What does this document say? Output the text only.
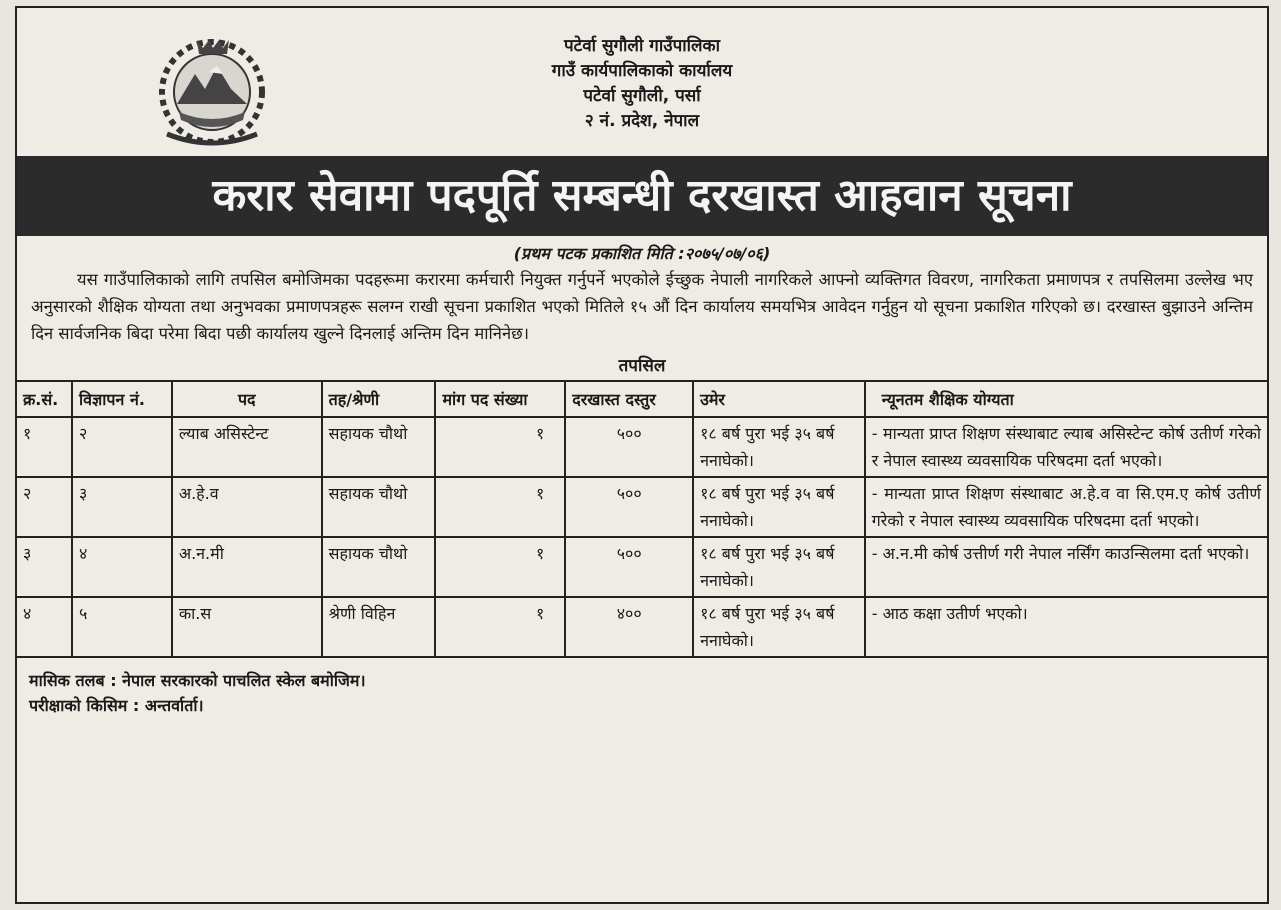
पटेर्वा सुगौली गाउँपालिका
गाउँ कार्यपालिकाको कार्यालय
पटेर्वा सुगौली, पर्सा
२ नं. प्रदेश, नेपाल
करार सेवामा पदपूर्ति सम्बन्धी दरखास्त आहवान सूचना
(प्रथम पटक प्रकाशित मिति :२०७५/०७/०६)
यस गाउँपालिकाको लागि तपसिल बमोजिमका पदहरूमा करारमा कर्मचारी नियुक्त गर्नुपर्ने भएकोले ईच्छुक नेपाली नागरिकले आफ्नो व्यक्तिगत विवरण, नागरिकता प्रमाणपत्र र तपसिलमा उल्लेख भए अनुसारको शैक्षिक योग्यता तथा अनुभवका प्रमाणपत्रहरू सलग्न राखी सूचना प्रकाशित भएको मितिले १५ औं दिन कार्यालय समयभित्र आवेदन गर्नुहुन यो सूचना प्रकाशित गरिएको छ। दरखास्त बुझाउने अन्तिम दिन सार्वजनिक बिदा परेमा बिदा पछी कार्यालय खुल्ने दिनलाई अन्तिम दिन मानिनेछ।
तपसिल
क्र.सं.	विज्ञापन नं.	पद	तह/श्रेणी	मांग पद संख्या	दरखास्त दस्तुर	उमेर	न्यूनतम शैक्षिक योग्यता
१	२	ल्याब असिस्टेन्ट	सहायक चौथो	१	५००	१८ बर्ष पुरा भई ३५ बर्ष ननाघेको।	- मान्यता प्राप्त शिक्षण संस्थाबाट ल्याब असिस्टेन्ट कोर्ष उतीर्ण गरेको र नेपाल स्वास्थ्य व्यवसायिक परिषदमा दर्ता भएको।
२	३	अ.हे.व	सहायक चौथो	१	५००	१८ बर्ष पुरा भई ३५ बर्ष ननाघेको।	- मान्यता प्राप्त शिक्षण संस्थाबाट अ.हे.व वा सि.एम.ए कोर्ष उतीर्ण गरेको र नेपाल स्वास्थ्य व्यवसायिक परिषदमा दर्ता भएको।
३	४	अ.न.मी	सहायक चौथो	१	५००	१८ बर्ष पुरा भई ३५ बर्ष ननाघेको।	- अ.न.मी कोर्ष उत्तीर्ण गरी नेपाल नर्सिंग काउन्सिलमा दर्ता भएको।
४	५	का.स	श्रेणी विहिन	१	४००	१८ बर्ष पुरा भई ३५ बर्ष ननाघेको।	- आठ कक्षा उतीर्ण भएको।
मासिक तलब : नेपाल सरकारको पाचलित स्केल बमोजिम।
परीक्षाको किसिम : अन्तर्वार्ता।
